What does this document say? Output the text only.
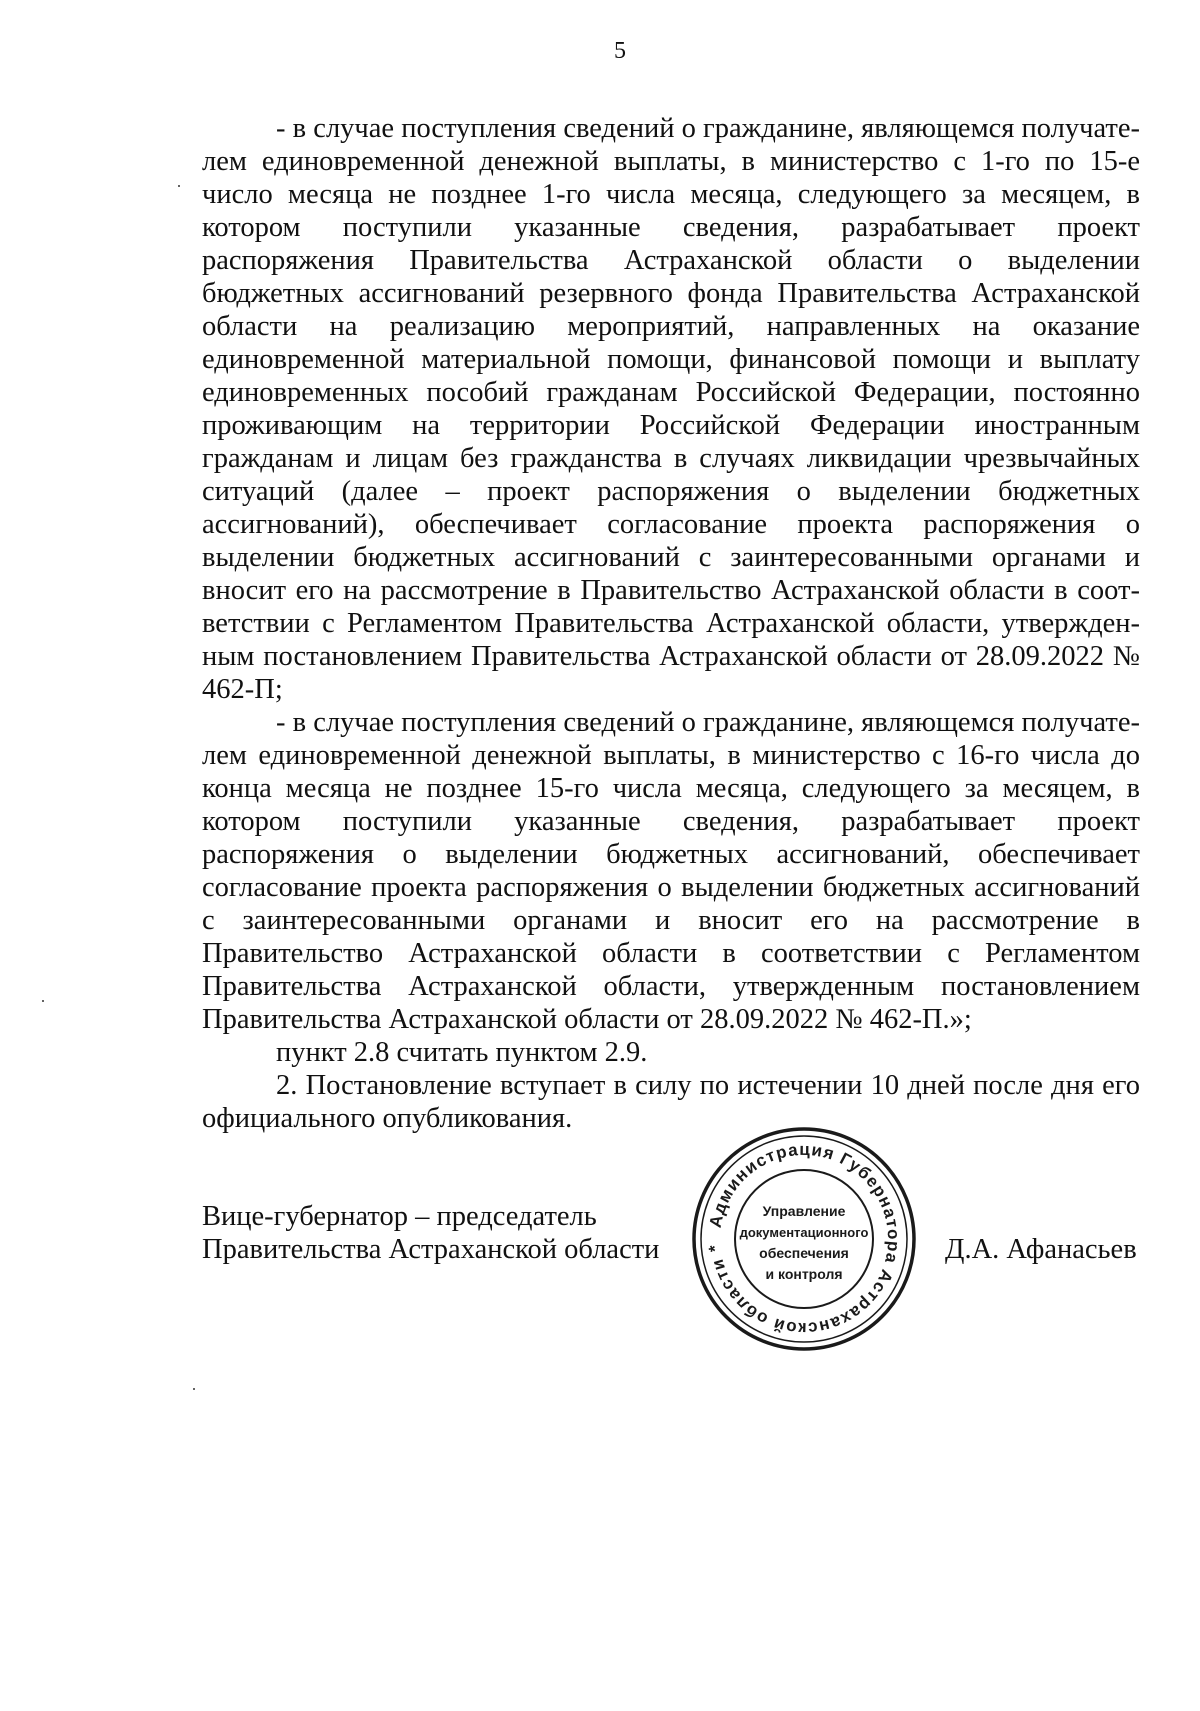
5

- в случае поступления сведений о гражданине, являющемся получателем единовременной денежной выплаты, в министерство с 1-го по 15-е число месяца не позднее 1-го числа месяца, следующего за месяцем, в котором поступили указанные сведения, разрабатывает проект распоряжения Правительства Астраханской области о выделении бюджетных ассигнований резервного фонда Правительства Астраханской области на реализацию мероприятий, направленных на оказание единовременной материальной помощи, финансовой помощи и выплату единовременных пособий гражданам Российской Федерации, постоянно проживающим на территории Российской Федерации иностранным гражданам и лицам без гражданства в случаях ликвидации чрезвычайных ситуаций (далее – проект распоряжения о выделении бюджетных ассигнований), обеспечивает согласование проекта распоряжения о выделении бюджетных ассигнований с заинтересованными органами и вносит его на рассмотрение в Правительство Астраханской области в соответствии с Регламентом Правительства Астраханской области, утвержденным постановлением Правительства Астраханской области от 28.09.2022 № 462-П;

- в случае поступления сведений о гражданине, являющемся получателем единовременной денежной выплаты, в министерство с 16-го числа до конца месяца не позднее 15-го числа месяца, следующего за месяцем, в котором поступили указанные сведения, разрабатывает проект распоряжения о выделении бюджетных ассигнований, обеспечивает согласование проекта распоряжения о выделении бюджетных ассигнований с заинтересованными органами и вносит его на рассмотрение в Правительство Астраханской области в соответствии с Регламентом Правительства Астраханской области, утвержденным постановлением Правительства Астраханской области от 28.09.2022 № 462-П.»;

пункт 2.8 считать пунктом 2.9.

2. Постановление вступает в силу по истечении 10 дней после дня его официального опубликования.

Вице-губернатор – председатель
Правительства Астраханской области	Д.А. Афанасьев
Администрация Губернатора Астраханской области *
Управление
документационного
обеспечения
и контроля
